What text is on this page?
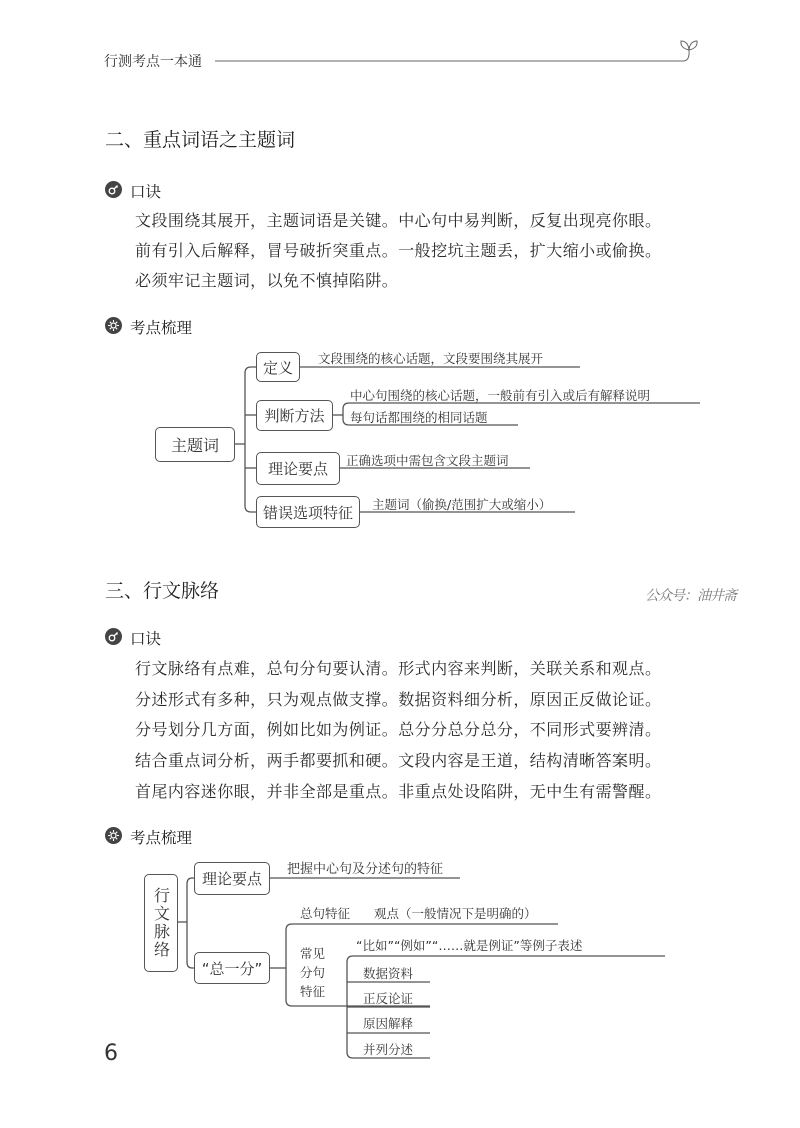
行测考点一本通
二、重点词语之主题词
口诀
文段围绕其展开，主题词语是关键。中心句中易判断，反复出现亮你眼。
前有引入后解释，冒号破折突重点。一般挖坑主题丢，扩大缩小或偷换。
必须牢记主题词，以免不慎掉陷阱。
考点梳理
主题词
定义
判断方法
理论要点
错误选项特征
文段围绕的核心话题，文段要围绕其展开
中心句围绕的核心话题，一般前有引入或后有解释说明
每句话都围绕的相同话题
正确选项中需包含文段主题词
主题词（偷换/范围扩大或缩小）
三、行文脉络	公众号：油井斋
口诀
行文脉络有点难，总句分句要认清。形式内容来判断，关联关系和观点。
分述形式有多种，只为观点做支撑。数据资料细分析，原因正反做论证。
分号划分几方面，例如比如为例证。总分分总分总分，不同形式要辨清。
结合重点词分析，两手都要抓和硬。文段内容是王道，结构清晰答案明。
首尾内容迷你眼，并非全部是重点。非重点处设陷阱，无中生有需警醒。
考点梳理
行文脉络
理论要点
“总一分”
把握中心句及分述句的特征
总句特征 观点（一般情况下是明确的）
常见
分句
特征
“比如”“例如”“……就是例证”等例子表述
数据资料
正反论证
原因解释
并列分述
6
